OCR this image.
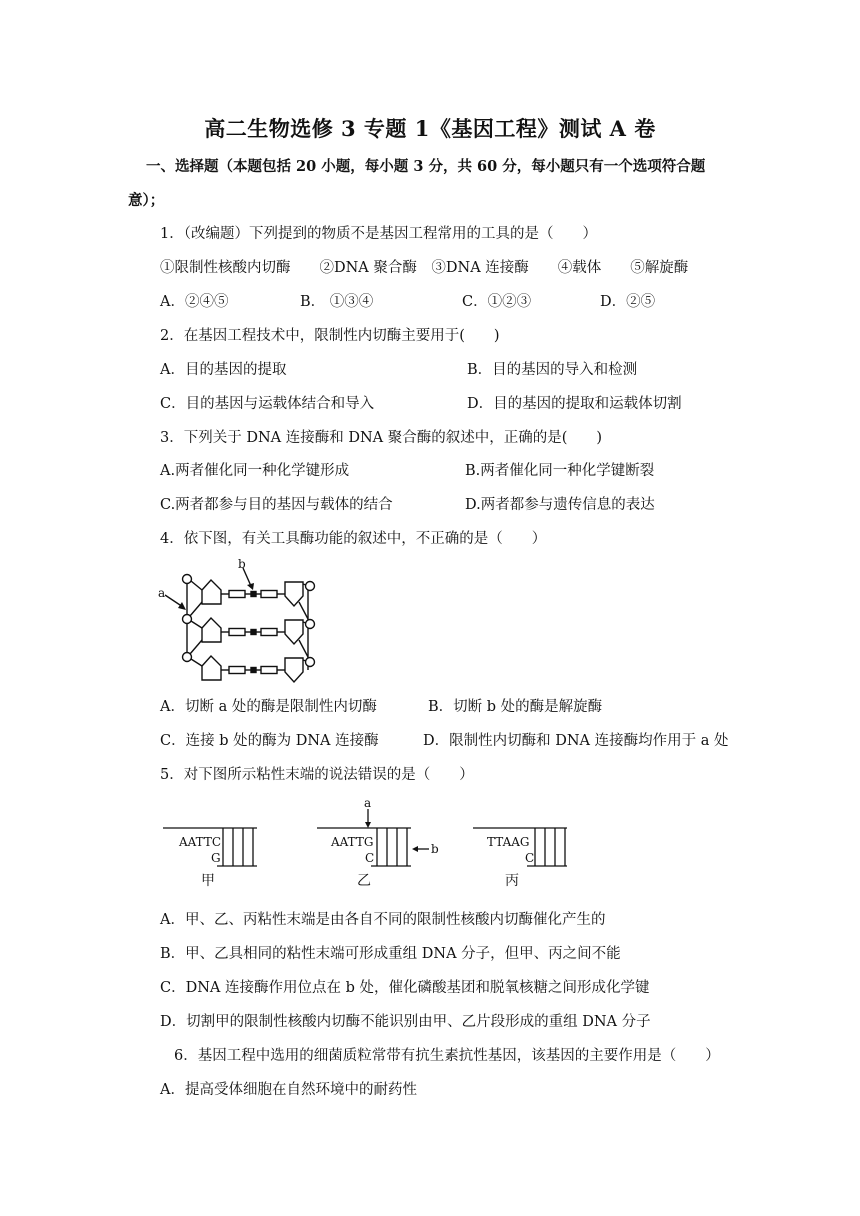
高二生物选修 3 专题 1《基因工程》测试 A 卷
一、选择题（本题包括 20 小题，每小题 3 分，共 60 分，每小题只有一个选项符合题
意）；
1．（改编题）下列提到的物质不是基因工程常用的工具的是（　　）
①限制性核酸内切酶　　②DNA 聚合酶　③DNA 连接酶　　④载体　　⑤解旋酶
A．②④⑤	B． ①③④	C．①②③	D．②⑤
2．在基因工程技术中，限制性内切酶主要用于(　　)
A．目的基因的提取	B．目的基因的导入和检测
C．目的基因与运载体结合和导入	D．目的基因的提取和运载体切割
3．下列关于 DNA 连接酶和 DNA 聚合酶的叙述中，正确的是(　　)
A.两者催化同一种化学键形成	B.两者催化同一种化学键断裂
C.两者都参与目的基因与载体的结合	D.两者都参与遗传信息的表达
4．依下图，有关工具酶功能的叙述中，不正确的是（　　）
a
b
A．切断 a 处的酶是限制性内切酶	B．切断 b 处的酶是解旋酶
C．连接 b 处的酶为 DNA 连接酶	D．限制性内切酶和 DNA 连接酶均作用于 a 处
5．对下图所示粘性末端的说法错误的是（　　）
AATTC
G
甲
AATTG
C
乙
a
b	TTAAG
C
丙
A．甲、乙、丙粘性末端是由各自不同的限制性核酸内切酶催化产生的
B．甲、乙具相同的粘性末端可形成重组 DNA 分子，但甲、丙之间不能
C．DNA 连接酶作用位点在 b 处，催化磷酸基团和脱氧核糖之间形成化学键
D．切割甲的限制性核酸内切酶不能识别由甲、乙片段形成的重组 DNA 分子
6．基因工程中选用的细菌质粒常带有抗生素抗性基因，该基因的主要作用是（　　）
A．提高受体细胞在自然环境中的耐药性
